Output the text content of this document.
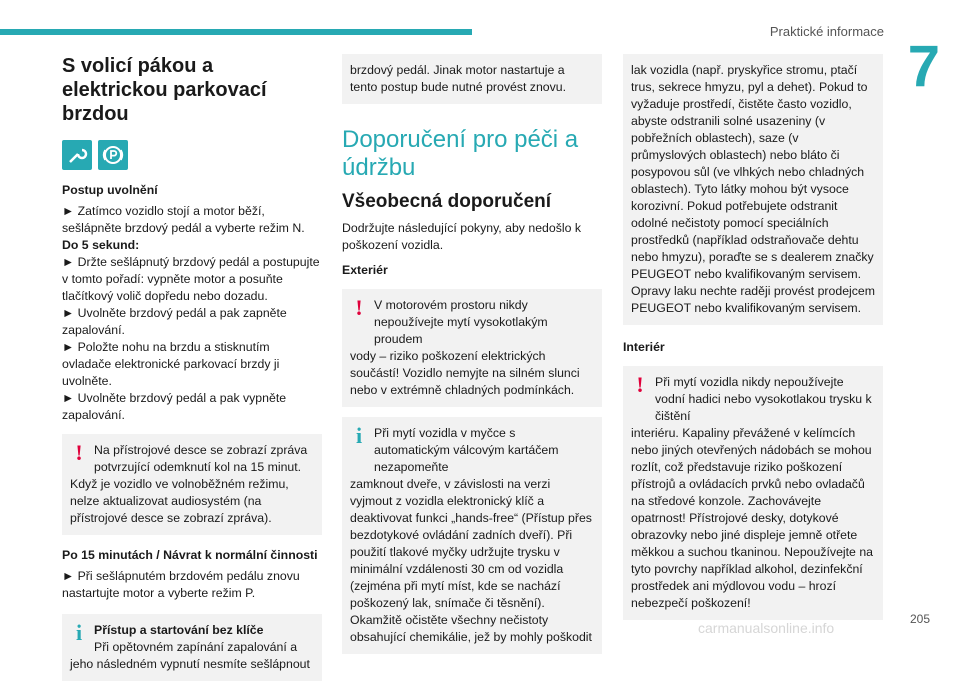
Praktické informace
7
S volicí pákou a elektrickou parkovací brzdou

Postup uvolnění

► Zatímco vozidlo stojí a motor běží, sešlápněte brzdový pedál a vyberte režim N.

Do 5 sekund:

► Držte sešlápnutý brzdový pedál a postupujte v tomto pořadí: vypněte motor a posuňte tlačítkový volič dopředu nebo dozadu.

► Uvolněte brzdový pedál a pak zapněte zapalování.

► Položte nohu na brzdu a stisknutím ovladače elektronické parkovací brzdy ji uvolněte.

► Uvolněte brzdový pedál a pak vypněte zapalování.

! Na přístrojové desce se zobrazí zpráva potvrzující odemknutí kol na 15 minut.

Když je vozidlo ve volnoběžném režimu, nelze aktualizovat audiosystém (na přístrojové desce se zobrazí zpráva).

Po 15 minutách / Návrat k normální činnosti

► Při sešlápnutém brzdovém pedálu znovu nastartujte motor a vyberte režim P.

i Přístup a startování bez klíče

Při opětovném zapínání zapalování a

jeho následném vypnutí nesmíte sešlápnout

brzdový pedál. Jinak motor nastartuje a tento postup bude nutné provést znovu.

Doporučení pro péči a údržbu
Všeobecná doporučení

Dodržujte následující pokyny, aby nedošlo k poškození vozidla.

Exteriér

! V motorovém prostoru nikdy nepoužívejte mytí vysokotlakým proudem

vody – riziko poškození elektrických součástí! Vozidlo nemyjte na silném slunci nebo v extrémně chladných podmínkách.

i Při mytí vozidla v myčce s automatickým válcovým kartáčem nezapomeňte

zamknout dveře, v závislosti na verzi vyjmout z vozidla elektronický klíč a deaktivovat funkci „hands-free“ (Přístup přes bezdotykové ovládání zadních dveří). Při použití tlakové myčky udržujte trysku v minimální vzdálenosti 30 cm od vozidla (zejména při mytí míst, kde se nachází poškozený lak, snímače či těsnění). Okamžitě očistěte všechny nečistoty obsahující chemikálie, jež by mohly poškodit

lak vozidla (např. pryskyřice stromu, ptačí trus, sekrece hmyzu, pyl a dehet). Pokud to vyžaduje prostředí, čistěte často vozidlo, abyste odstranili solné usazeniny (v pobřežních oblastech), saze (v průmyslových oblastech) nebo bláto či posypovou sůl (ve vlhkých nebo chladných oblastech). Tyto látky mohou být vysoce korozivní. Pokud potřebujete odstranit odolné nečistoty pomocí speciálních prostředků (například odstraňovače dehtu nebo hmyzu), poraďte se s dealerem značky PEUGEOT nebo kvalifikovaným servisem. Opravy laku nechte raději provést prodejcem PEUGEOT nebo kvalifikovaným servisem.

Interiér

! Při mytí vozidla nikdy nepoužívejte vodní hadici nebo vysokotlakou trysku k čištění

interiéru. Kapaliny převážené v kelímcích nebo jiných otevřených nádobách se mohou rozlít, což představuje riziko poškození přístrojů a ovládacích prvků nebo ovladačů na středové konzole. Zachovávejte opatrnost! Přístrojové desky, dotykové obrazovky nebo jiné displeje jemně otřete měkkou a suchou tkaninou. Nepoužívejte na tyto povrchy například alkohol, dezinfekční prostředek ani mýdlovou vodu – hrozí nebezpečí poškození!

205
carmanualsonline.info
